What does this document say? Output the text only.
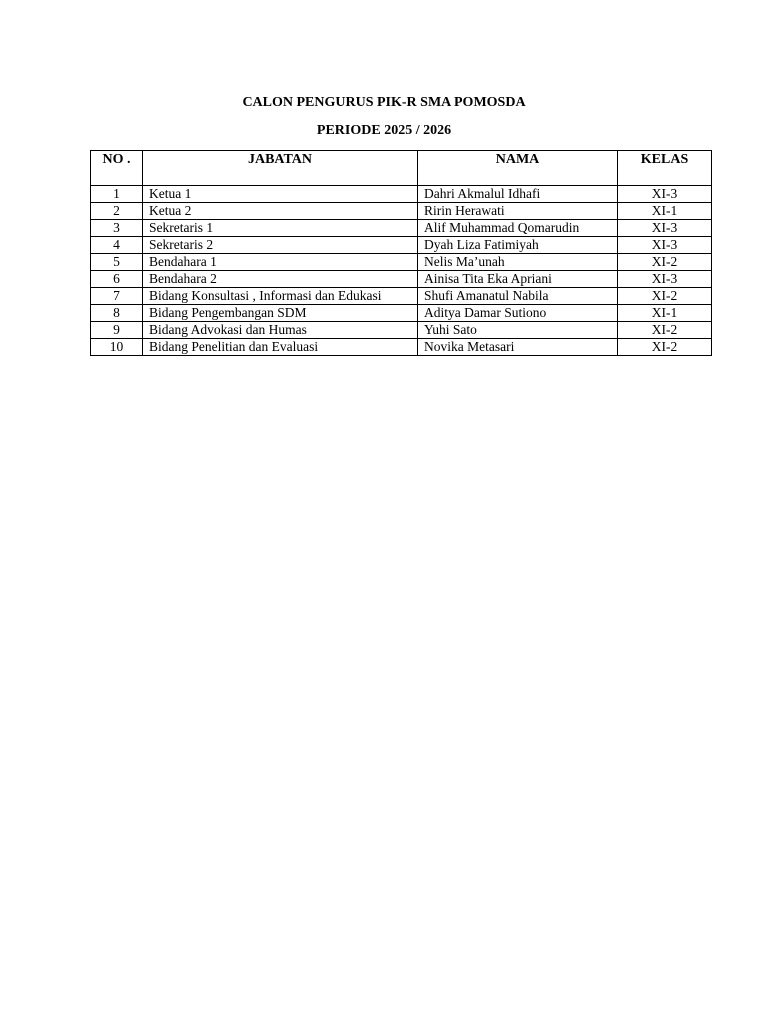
CALON PENGURUS PIK-R SMA POMOSDA
PERIODE 2025 / 2026
NO .	JABATAN	NAMA	KELAS
1	Ketua 1	Dahri Akmalul Idhafi	XI-3
2	Ketua 2	Ririn Herawati	XI-1
3	Sekretaris 1	Alif Muhammad Qomarudin	XI-3
4	Sekretaris 2	Dyah Liza Fatimiyah	XI-3
5	Bendahara 1	Nelis Ma’unah	XI-2
6	Bendahara 2	Ainisa Tita Eka Apriani	XI-3
7	Bidang Konsultasi , Informasi dan Edukasi	Shufi Amanatul Nabila	XI-2
8	Bidang Pengembangan SDM	Aditya Damar Sutiono	XI-1
9	Bidang Advokasi dan Humas	Yuhi Sato	XI-2
10	Bidang Penelitian dan Evaluasi	Novika Metasari	XI-2
